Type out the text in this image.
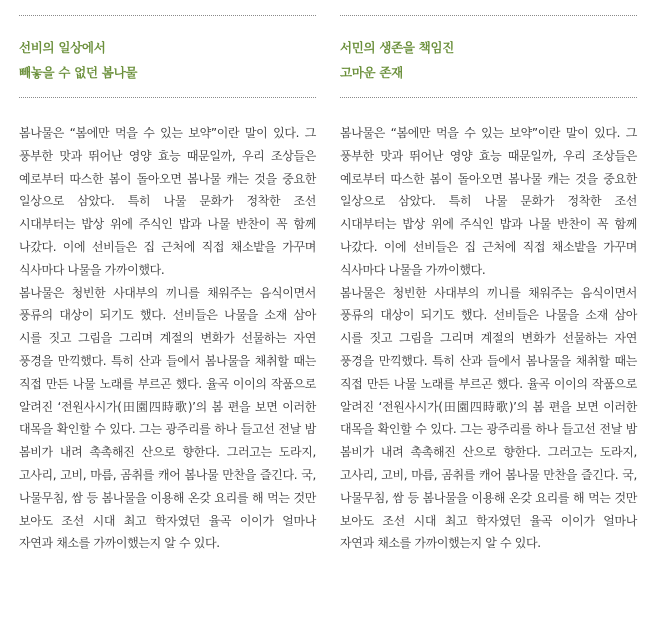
선비의 일상에서
빼놓을 수 없던 봄나물

봄나물은 “봄에만 먹을 수 있는 보약”이란 말이 있다. 그 풍부한 맛과 뛰어난 영양 효능 때문일까, 우리 조상들은 예로부터 따스한 봄이 돌아오면 봄나물 캐는 것을 중요한 일상으로 삼았다. 특히 나물 문화가 정착한 조선 시대부터는 밥상 위에 주식인 밥과 나물 반찬이 꼭 함께 나갔다. 이에 선비들은 집 근처에 직접 채소밭을 가꾸며 식사마다 나물을 가까이했다.

봄나물은 청빈한 사대부의 끼니를 채워주는 음식이면서 풍류의 대상이 되기도 했다. 선비들은 나물을 소재 삼아 시를 짓고 그림을 그리며 계절의 변화가 선물하는 자연 풍경을 만끽했다. 특히 산과 들에서 봄나물을 채취할 때는 직접 만든 나물 노래를 부르곤 했다. 율곡 이이의 작품으로 알려진 ‘전원사시가(田園四時歌)’의 봄 편을 보면 이러한 대목을 확인할 수 있다. 그는 광주리를 하나 들고선 전날 밤 봄비가 내려 촉촉해진 산으로 향한다. 그러고는 도라지, 고사리, 고비, 마름, 곰취를 캐어 봄나물 만찬을 즐긴다. 국, 나물무침, 쌈 등 봄나물을 이용해 온갖 요리를 해 먹는 것만 보아도 조선 시대 최고 학자였던 율곡 이이가 얼마나 자연과 채소를 가까이했는지 알 수 있다.

서민의 생존을 책임진
고마운 존재

봄나물은 “봄에만 먹을 수 있는 보약”이란 말이 있다. 그 풍부한 맛과 뛰어난 영양 효능 때문일까, 우리 조상들은 예로부터 따스한 봄이 돌아오면 봄나물 캐는 것을 중요한 일상으로 삼았다. 특히 나물 문화가 정착한 조선 시대부터는 밥상 위에 주식인 밥과 나물 반찬이 꼭 함께 나갔다. 이에 선비들은 집 근처에 직접 채소밭을 가꾸며 식사마다 나물을 가까이했다.

봄나물은 청빈한 사대부의 끼니를 채워주는 음식이면서 풍류의 대상이 되기도 했다. 선비들은 나물을 소재 삼아 시를 짓고 그림을 그리며 계절의 변화가 선물하는 자연 풍경을 만끽했다. 특히 산과 들에서 봄나물을 채취할 때는 직접 만든 나물 노래를 부르곤 했다. 율곡 이이의 작품으로 알려진 ‘전원사시가(田園四時歌)’의 봄 편을 보면 이러한 대목을 확인할 수 있다. 그는 광주리를 하나 들고선 전날 밤 봄비가 내려 촉촉해진 산으로 향한다. 그러고는 도라지, 고사리, 고비, 마름, 곰취를 캐어 봄나물 만찬을 즐긴다. 국, 나물무침, 쌈 등 봄나물을 이용해 온갖 요리를 해 먹는 것만 보아도 조선 시대 최고 학자였던 율곡 이이가 얼마나 자연과 채소를 가까이했는지 알 수 있다.
